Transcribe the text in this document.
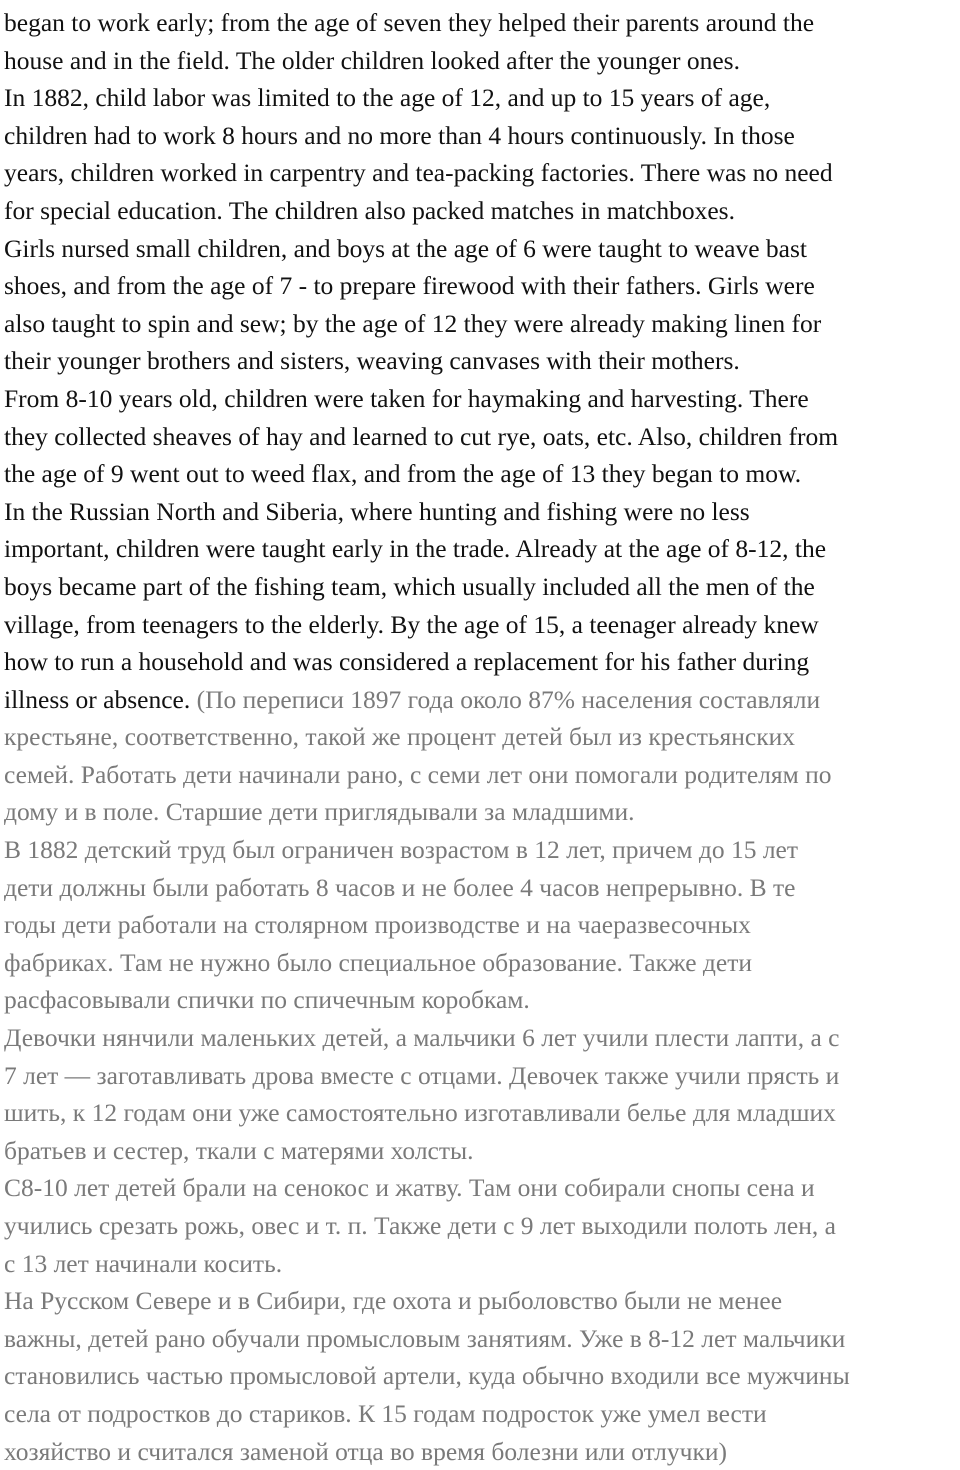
began to work early; from the age of seven they helped their parents around the
house and in the field. The older children looked after the younger ones.
In 1882, child labor was limited to the age of 12, and up to 15 years of age,
children had to work 8 hours and no more than 4 hours continuously. In those
years, children worked in carpentry and tea-packing factories. There was no need
for special education. The children also packed matches in matchboxes.
Girls nursed small children, and boys at the age of 6 were taught to weave bast
shoes, and from the age of 7 - to prepare firewood with their fathers. Girls were
also taught to spin and sew; by the age of 12 they were already making linen for
their younger brothers and sisters, weaving canvases with their mothers.
From 8-10 years old, children were taken for haymaking and harvesting. There
they collected sheaves of hay and learned to cut rye, oats, etc. Also, children from
the age of 9 went out to weed flax, and from the age of 13 they began to mow.
In the Russian North and Siberia, where hunting and fishing were no less
important, children were taught early in the trade. Already at the age of 8-12, the
boys became part of the fishing team, which usually included all the men of the
village, from teenagers to the elderly. By the age of 15, a teenager already knew
how to run a household and was considered a replacement for his father during
illness or absence. (По переписи 1897 года около 87% населения составляли
крестьяне, соответственно, такой же процент детей был из крестьянских
семей. Работать дети начинали рано, с семи лет они помогали родителям по
дому и в поле. Старшие дети приглядывали за младшими.
В 1882 детский труд был ограничен возрастом в 12 лет, причем до 15 лет
дети должны были работать 8 часов и не более 4 часов непрерывно. В те
годы дети работали на столярном производстве и на чаеразвесочных
фабриках. Там не нужно было специальное образование. Также дети
расфасовывали спички по спичечным коробкам.
Девочки нянчили маленьких детей, а мальчики 6 лет учили плести лапти, а с
7 лет — заготавливать дрова вместе с отцами. Девочек также учили прясть и
шить, к 12 годам они уже самостоятельно изготавливали белье для младших
братьев и сестер, ткали с матерями холсты.
С8-10 лет детей брали на сенокос и жатву. Там они собирали снопы сена и
учились срезать рожь, овес и т. п. Также дети с 9 лет выходили полоть лен, а
с 13 лет начинали косить.
На Русском Севере и в Сибири, где охота и рыболовство были не менее
важны, детей рано обучали промысловым занятиям. Уже в 8-12 лет мальчики
становились частью промысловой артели, куда обычно входили все мужчины
села от подростков до стариков. К 15 годам подросток уже умел вести
хозяйство и считался заменой отца во время болезни или отлучки)
